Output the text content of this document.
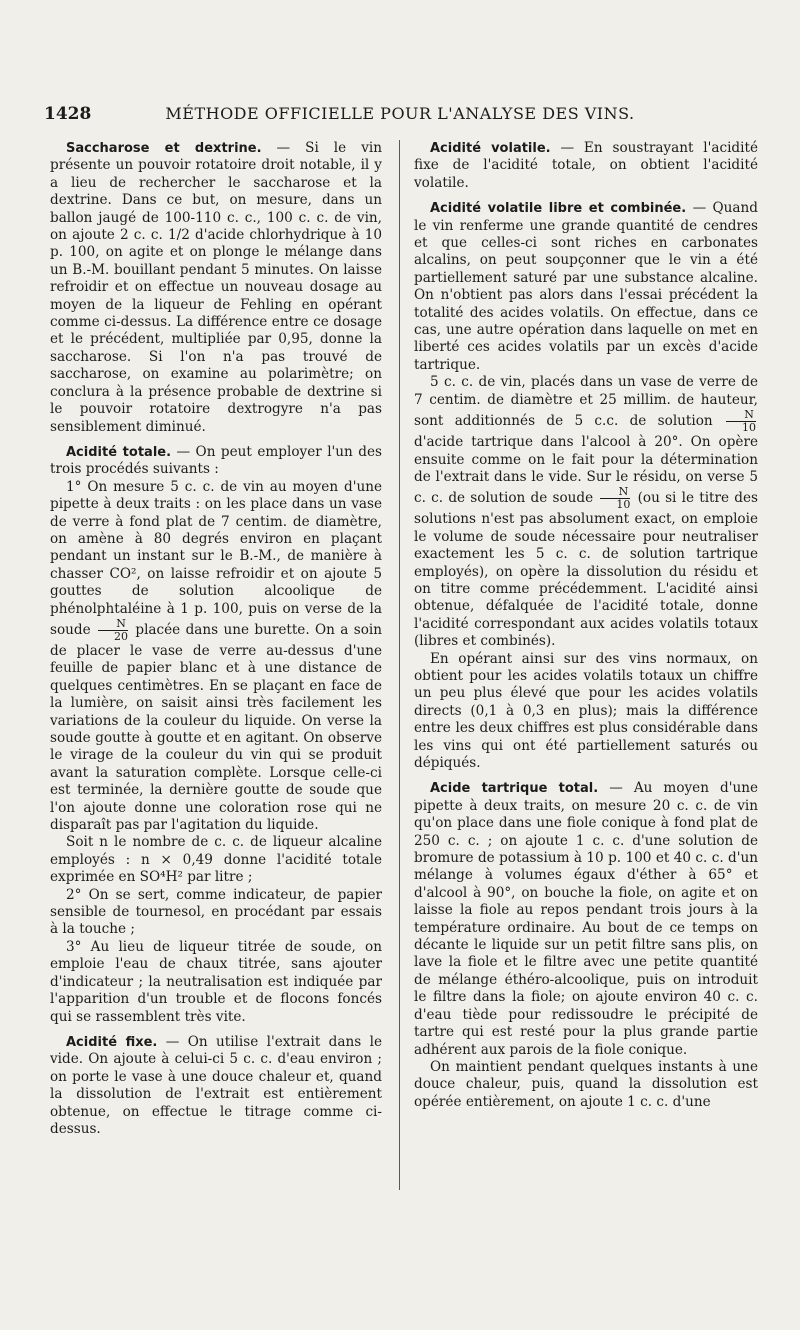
1428	MÉTHODE OFFICIELLE POUR L'ANALYSE DES VINS.

Saccharose et dextrine. — Si le vin présente un pouvoir rotatoire droit notable, il y a lieu de rechercher le saccharose et la dextrine. Dans ce but, on mesure, dans un ballon jaugé de 100-110 c. c., 100 c. c. de vin, on ajoute 2 c. c. 1/2 d'acide chlorhydrique à 10 p. 100, on agite et on plonge le mélange dans un B.-M. bouillant pendant 5 minutes. On laisse refroidir et on effectue un nouveau dosage au moyen de la liqueur de Fehling en opérant comme ci-dessus. La différence entre ce dosage et le précédent, multipliée par 0,95, donne la saccharose. Si l'on n'a pas trouvé de saccharose, on examine au polarimètre; on conclura à la présence probable de dextrine si le pouvoir rotatoire dextrogyre n'a pas sensiblement diminué.

Acidité totale. — On peut employer l'un des trois procédés suivants :

1° On mesure 5 c. c. de vin au moyen d'une pipette à deux traits : on les place dans un vase de verre à fond plat de 7 centim. de diamètre, on amène à 80 degrés environ en plaçant pendant un instant sur le B.-M., de manière à chasser CO², on laisse refroidir et on ajoute 5 gouttes de solution alcoolique de phénolphtaléine à 1 p. 100, puis on verse de la soude $\frac{N}{20}$ placée dans une burette. On a soin de placer le vase de verre au-dessus d'une feuille de papier blanc et à une distance de quelques centimètres. En se plaçant en face de la lumière, on saisit ainsi très facilement les variations de la couleur du liquide. On verse la soude goutte à goutte et en agitant. On observe le virage de la couleur du vin qui se produit avant la saturation complète. Lorsque celle-ci est terminée, la dernière goutte de soude que l'on ajoute donne une coloration rose qui ne disparaît pas par l'agitation du liquide.

Soit n le nombre de c. c. de liqueur alcaline employés : n × 0,49 donne l'acidité totale exprimée en SO⁴H² par litre ;

2° On se sert, comme indicateur, de papier sensible de tournesol, en procédant par essais à la touche ;

3° Au lieu de liqueur titrée de soude, on emploie l'eau de chaux titrée, sans ajouter d'indicateur ; la neutralisation est indiquée par l'apparition d'un trouble et de flocons foncés qui se rassemblent très vite.

Acidité fixe. — On utilise l'extrait dans le vide. On ajoute à celui-ci 5 c. c. d'eau environ ; on porte le vase à une douce chaleur et, quand la dissolution de l'extrait est entièrement obtenue, on effectue le titrage comme ci-dessus.

Acidité volatile. — En soustrayant l'acidité fixe de l'acidité totale, on obtient l'acidité volatile.

Acidité volatile libre et combinée. — Quand le vin renferme une grande quantité de cendres et que celles-ci sont riches en carbonates alcalins, on peut soupçonner que le vin a été partiellement saturé par une substance alcaline. On n'obtient pas alors dans l'essai précédent la totalité des acides volatils. On effectue, dans ce cas, une autre opération dans laquelle on met en liberté ces acides volatils par un excès d'acide tartrique.

5 c. c. de vin, placés dans un vase de verre de 7 centim. de diamètre et 25 millim. de hauteur, sont additionnés de 5 c.c. de solution $\frac{N}{10}$
d'acide tartrique dans l'alcool à 20°. On opère ensuite comme on le fait pour la détermination de l'extrait dans le vide. Sur le résidu, on verse 5 c. c. de solution de soude $\frac{N}{10} (ou$ si le titre des solutions n'est pas absolument exact, on emploie le volume de soude nécessaire pour neutraliser exactement les 5 c. c. de solution tartrique employés), on opère la dissolution du résidu et on titre comme précédemment. L'acidité ainsi obtenue, défalquée de l'acidité totale, donne l'acidité correspondant aux acides volatils totaux (libres et combinés).

En opérant ainsi sur des vins normaux, on obtient pour les acides volatils totaux un chiffre un peu plus élevé que pour les acides volatils directs (0,1 à 0,3 en plus); mais la différence entre les deux chiffres est plus considérable dans les vins qui ont été partiellement saturés ou dépiqués.

Acide tartrique total. — Au moyen d'une pipette à deux traits, on mesure 20 c. c. de vin qu'on place dans une fiole conique à fond plat de 250 c. c. ; on ajoute 1 c. c. d'une solution de bromure de potassium à 10 p. 100 et 40 c. c. d'un mélange à volumes égaux d'éther à 65° et d'alcool à 90°, on bouche la fiole, on agite et on laisse la fiole au repos pendant trois jours à la température ordinaire. Au bout de ce temps on décante le liquide sur un petit filtre sans plis, on lave la fiole et le filtre avec une petite quantité de mélange éthéro-alcoolique, puis on introduit le filtre dans la fiole; on ajoute environ 40 c. c. d'eau tiède pour redissoudre le précipité de tartre qui est resté pour la plus grande partie adhérent aux parois de la fiole conique.

On maintient pendant quelques instants à une douce chaleur, puis, quand la dissolution est opérée entièrement, on ajoute 1 c. c. d'une
